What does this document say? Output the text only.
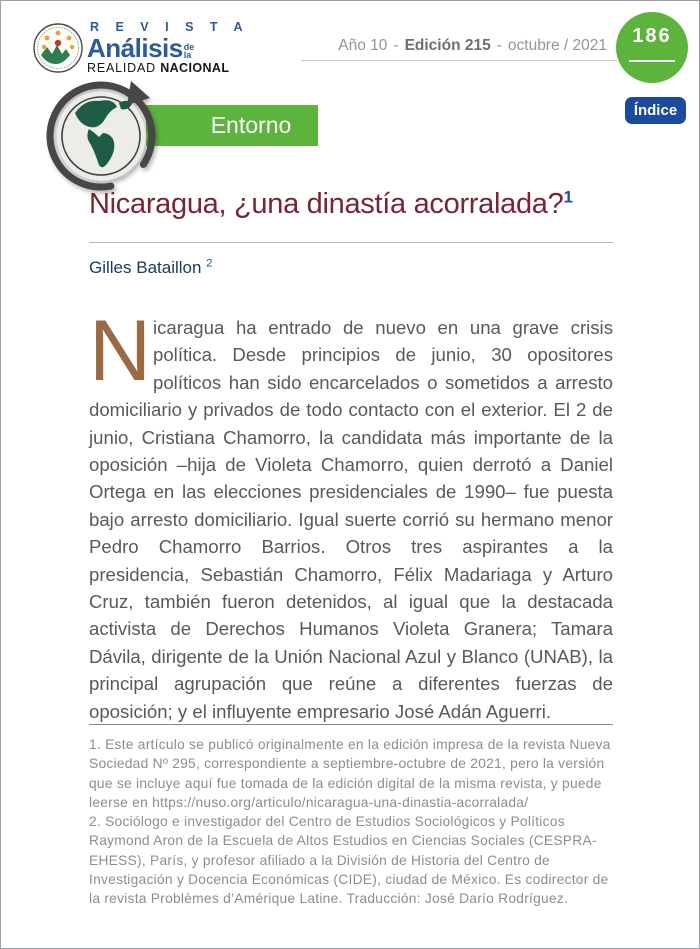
R E V I S T A
Análisis de
la
REALIDAD NACIONAL
Año 10 - Edición 215 - octubre / 2021	186
Índice
Entorno
Nicaragua, ¿una dinastía acorralada?$^1$
Gilles Bataillon $^2$

Nicaragua ha entrado de nuevo en una grave crisis política. Desde principios de junio, 30 opositores políticos han sido encarcelados o sometidos a arresto domiciliario y privados de todo contacto con el exterior. El 2 de junio, Cristiana Chamorro, la candidata más importante de la oposición –hija de Violeta Chamorro, quien derrotó a Daniel Ortega en las elecciones presidenciales de 1990– fue puesta bajo arresto domiciliario. Igual suerte corrió su hermano menor Pedro Chamorro Barrios. Otros tres aspirantes a la presidencia, Sebastián Chamorro, Félix Madariaga y Arturo Cruz, también fueron detenidos, al igual que la destacada activista de Derechos Humanos Violeta Granera; Tamara Dávila, dirigente de la Unión Nacional Azul y Blanco (UNAB), la principal agrupación que reúne a diferentes fuerzas de oposición; y el influyente empresario José Adán Aguerri.

1. Este artículo se publicó originalmente en la edición impresa de la revista Nueva Sociedad Nº 295, correspondiente a septiembre-octubre de 2021, pero la versión que se incluye aquí fue tomada de la edición digital de la misma revista, y puede leerse en https://nuso.org/articulo/nicaragua-una-dinastia-acorralada/

2. Sociólogo e investigador del Centro de Estudios Sociológicos y Políticos Raymond Aron de la Escuela de Altos Estudios en Ciencias Sociales (CESPRA-EHESS), París, y profesor afiliado a la División de Historia del Centro de Investigación y Docencia Económicas (CIDE), ciudad de México. Es codirector de la revista Problèmes d’Amérique Latine. Traducción: José Darío Rodríguez.
